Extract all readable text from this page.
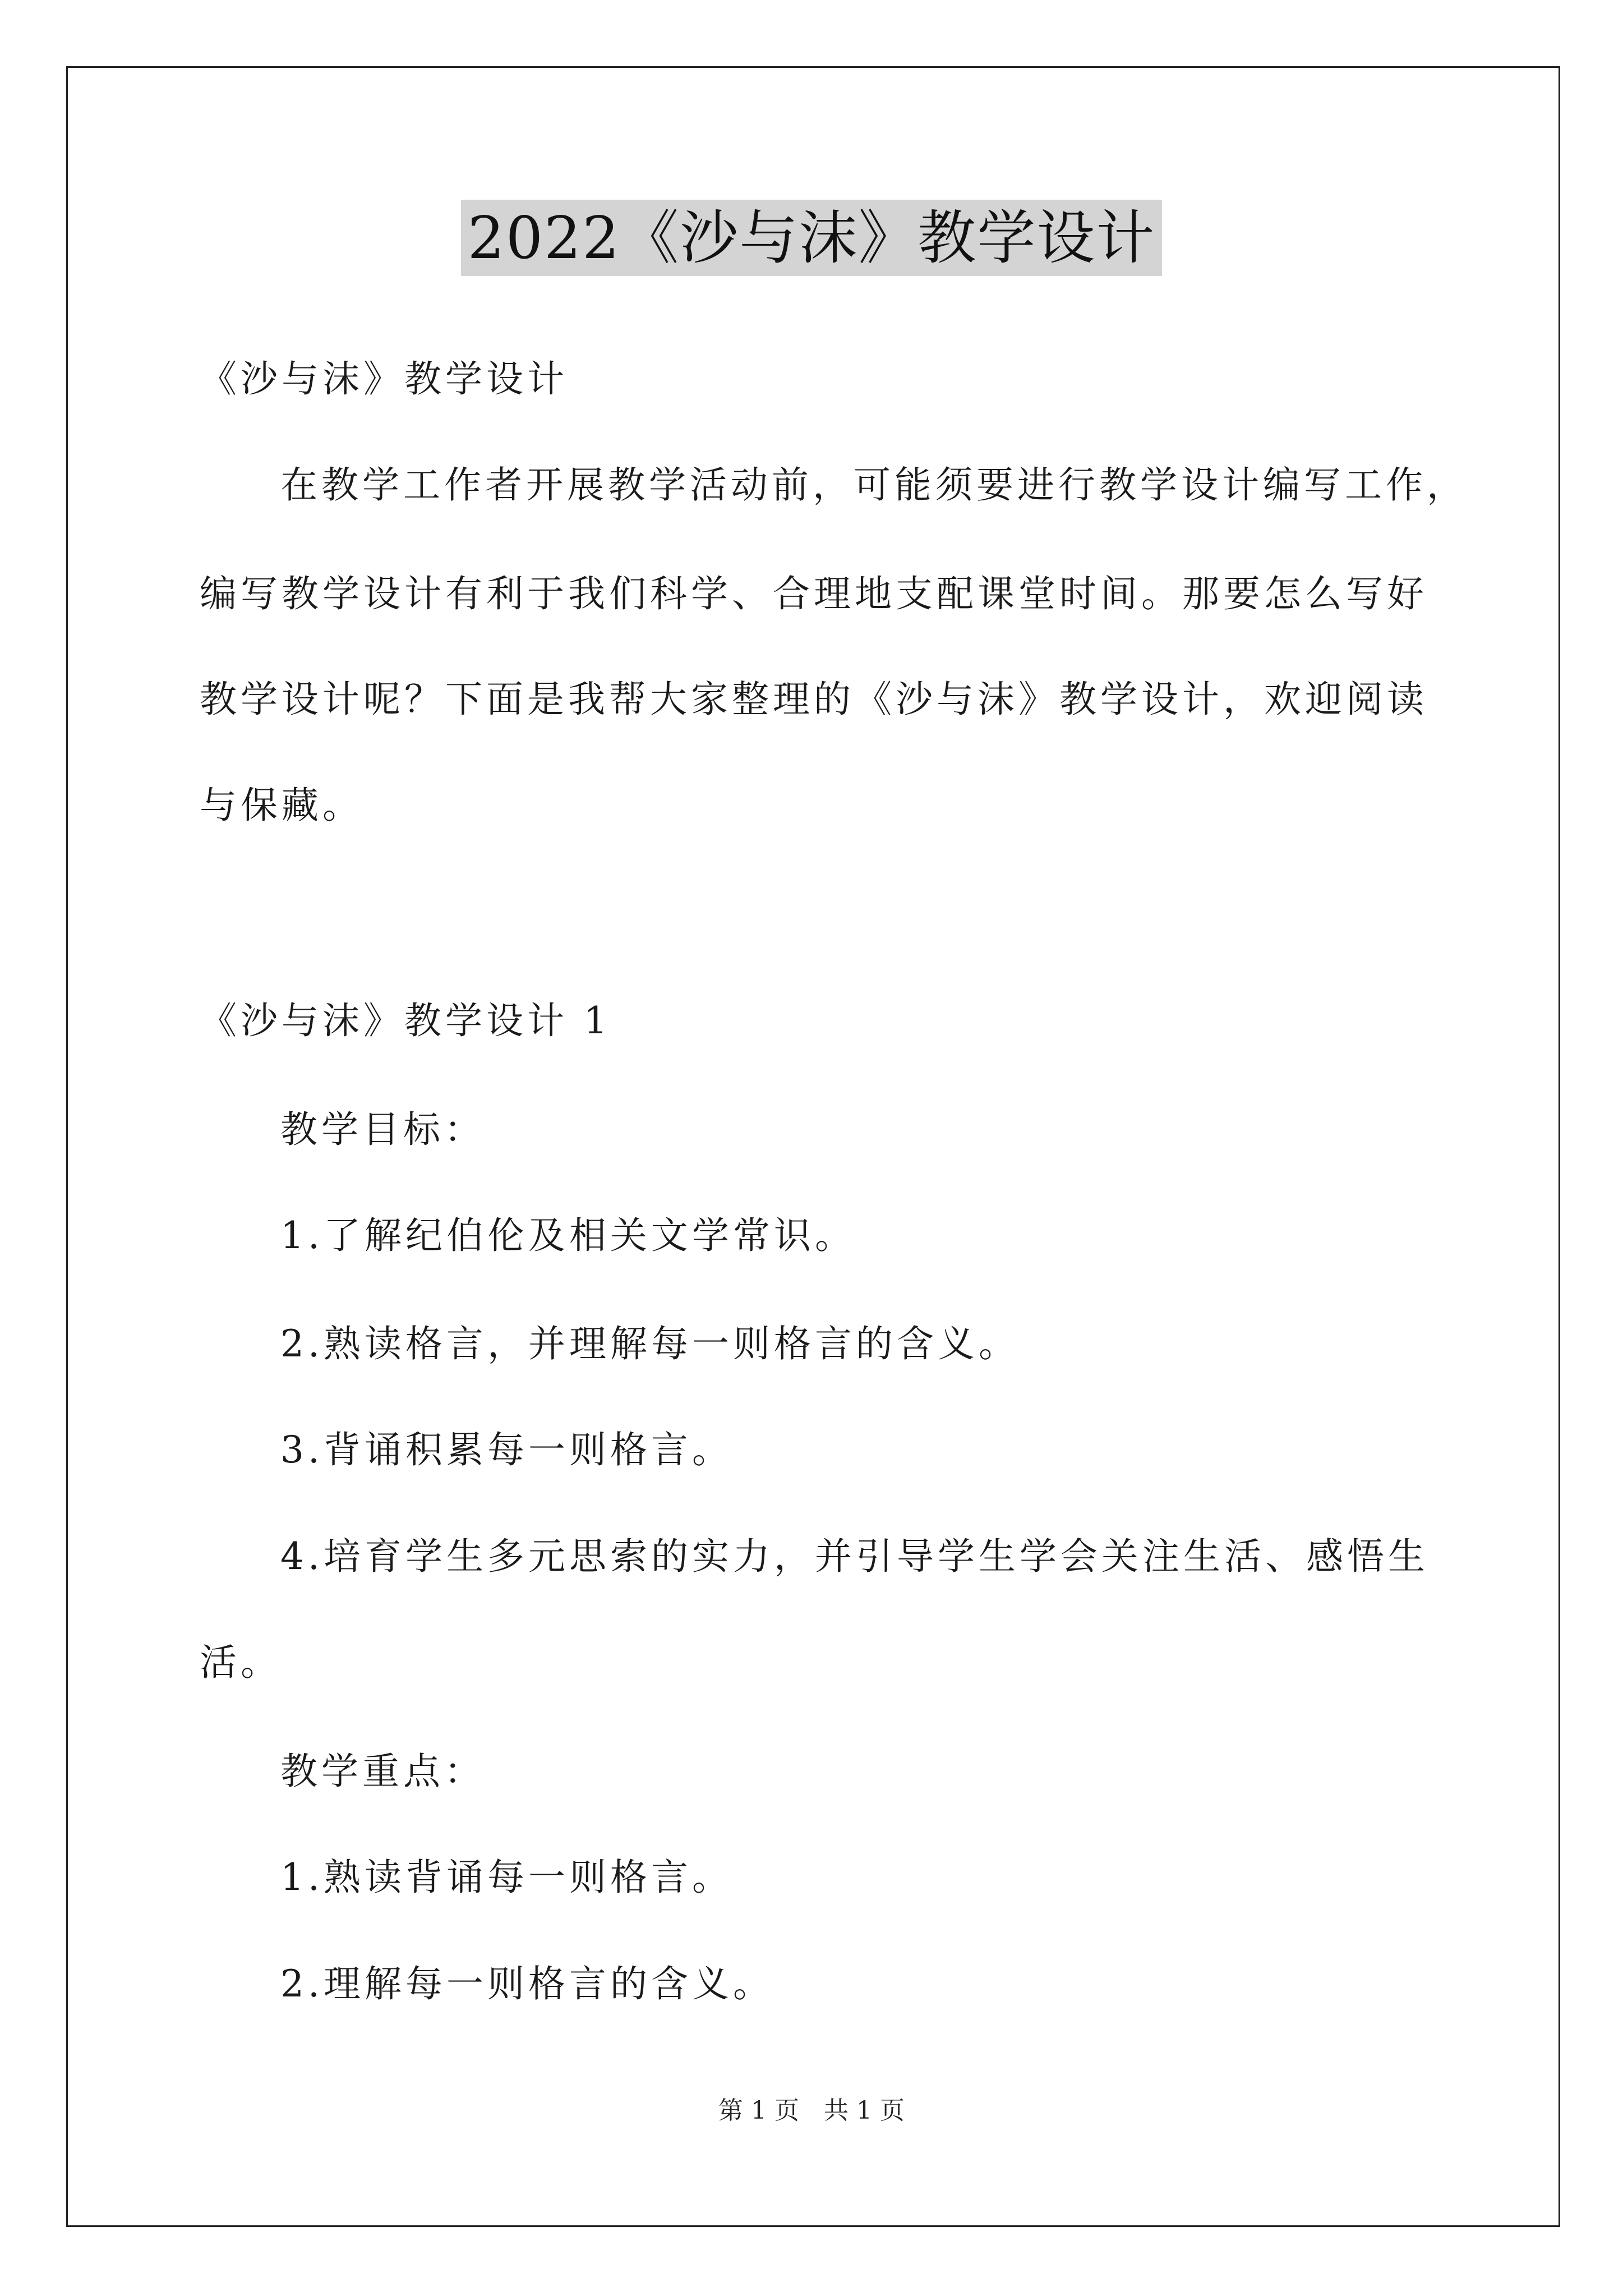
2022《沙与沫》教学设计
《沙与沫》教学设计
在教学工作者开展教学活动前，可能须要进行教学设计编写工作，
编写教学设计有利于我们科学、合理地支配课堂时间。那要怎么写好
教学设计呢？下面是我帮大家整理的《沙与沫》教学设计，欢迎阅读
与保藏。
《沙与沫》教学设计 1
教学目标：
1.了解纪伯伦及相关文学常识。
2.熟读格言，并理解每一则格言的含义。
3.背诵积累每一则格言。
4.培育学生多元思索的实力，并引导学生学会关注生活、感悟生
活。
教学重点：
1.熟读背诵每一则格言。
2.理解每一则格言的含义。
第 1 页　共 1 页
